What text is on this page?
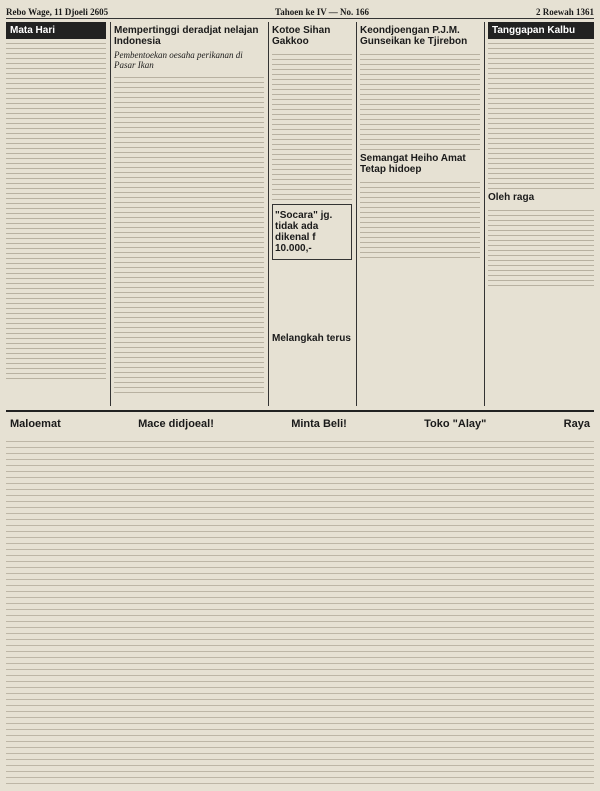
Rebo Wage, 11 Djoeli 2605	Tahoen ke IV — No. 166	2 Roewah 1361
Mata Hari	Mempertinggi deradjat nelajan Indonesia
Pembentoekan oesaha perikanan di Pasar Ikan
Kotoe Sihan Gakkoo
"Socara" jg. tidak ada dikenal f 10.000,-
Keondjoengan P.J.M. Gunseikan ke Tjirebon
Semangat Heiho Amat Tetap hidoep
Tanggapan Kalbu
Oleh raga
Melangkah terus
Maloemat	Mace didjoeal!	Minta Beli!	Toko "Alay"	Raya
